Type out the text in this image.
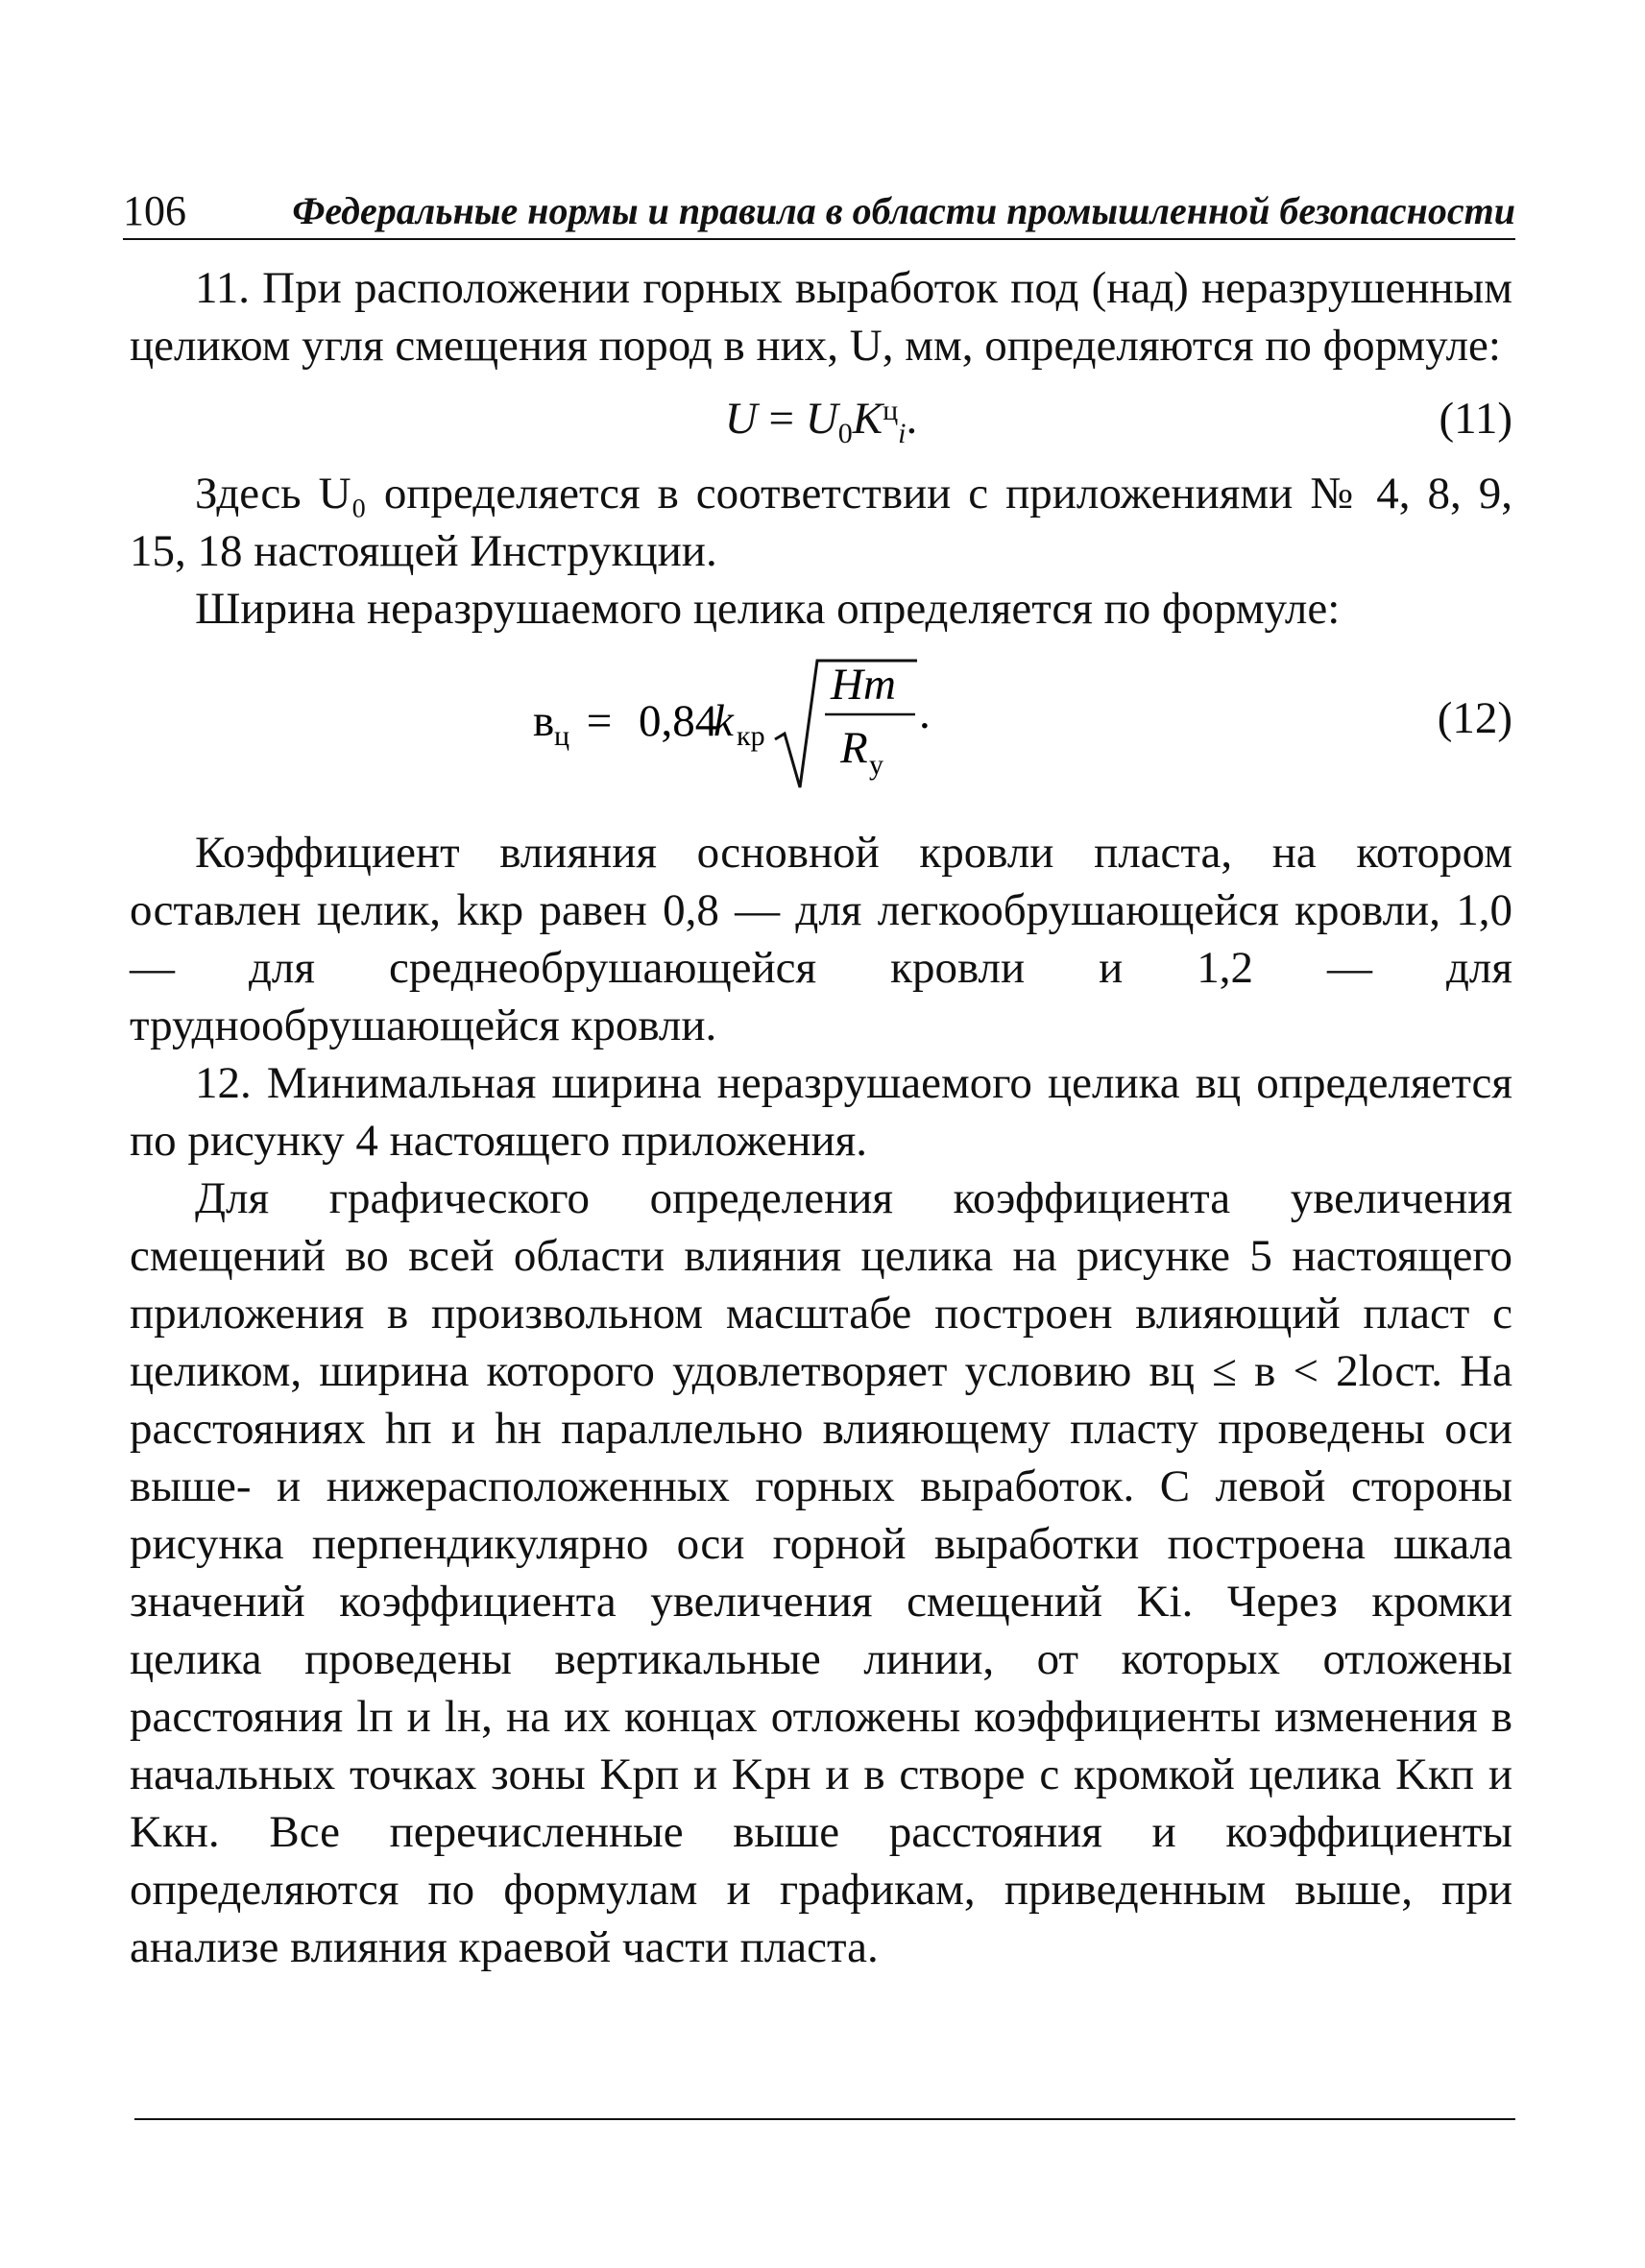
106	Федеральные нормы и правила в области промышленной безопасности

11. При расположении горных выработок под (над) неразрушенным целиком угля смещения пород в них, U, мм, определяются по формуле:

$U = U_0K^ц_i$.	(11)

Здесь U₀ определяется в соответствии с приложениями № 4, 8, 9, 15, 18 настоящей Инструкции.

Ширина неразрушаемого целика определяется по формуле:

в ц = 0,84
k кр
Hm
R у
.	(12)

Коэффициент влияния основной кровли пласта, на котором оставлен целик, kкр равен 0,8 — для легкообрушающейся кровли, 1,0 — для среднеобрушающейся кровли и 1,2 — для труднообрушающейся кровли.

12. Минимальная ширина неразрушаемого целика вц определяется по рисунку 4 настоящего приложения.

Для графического определения коэффициента увеличения смещений во всей области влияния целика на рисунке 5 настоящего приложения в произвольном масштабе построен влияющий пласт с целиком, ширина которого удовлетворяет условию вц ≤ в < 2lост. На расстояниях hп и hн параллельно влияющему пласту проведены оси выше- и нижерасположенных горных выработок. С левой стороны рисунка перпендикулярно оси горной выработки построена шкала значений коэффициента увеличения смещений Ki. Через кромки целика проведены вертикальные линии, от которых отложены расстояния lп и lн, на их концах отложены коэффициенты изменения в начальных точках зоны Kрп и Kрн и в створе с кромкой целика Kкп и Kкн. Все перечисленные выше расстояния и коэффициенты определяются по формулам и графикам, приведенным выше, при анализе влияния краевой части пласта.
